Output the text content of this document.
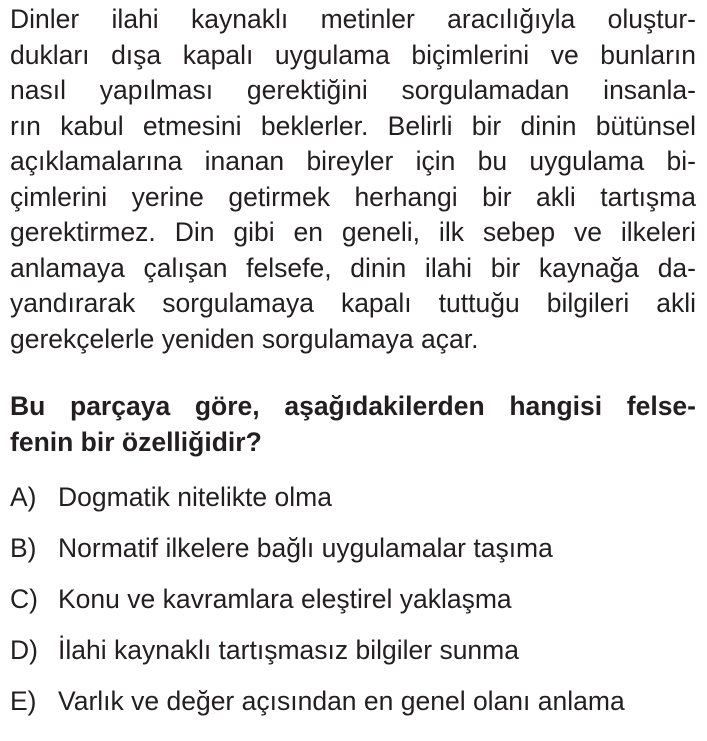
Dinler ilahi kaynaklı metinler aracılığıyla oluştur-
dukları dışa kapalı uygulama biçimlerini ve bunların
nasıl yapılması gerektiğini sorgulamadan insanla-
rın kabul etmesini beklerler. Belirli bir dinin bütünsel
açıklamalarına inanan bireyler için bu uygulama bi-
çimlerini yerine getirmek herhangi bir akli tartışma
gerektirmez. Din gibi en geneli, ilk sebep ve ilkeleri
anlamaya çalışan felsefe, dinin ilahi bir kaynağa da-
yandırarak sorgulamaya kapalı tuttuğu bilgileri akli
gerekçelerle yeniden sorgulamaya açar.
Bu parçaya göre, aşağıdakilerden hangisi felse-
fenin bir özelliğidir?
A) Dogmatik nitelikte olma
B) Normatif ilkelere bağlı uygulamalar taşıma
C) Konu ve kavramlara eleştirel yaklaşma
D) İlahi kaynaklı tartışmasız bilgiler sunma
E) Varlık ve değer açısından en genel olanı anlama
